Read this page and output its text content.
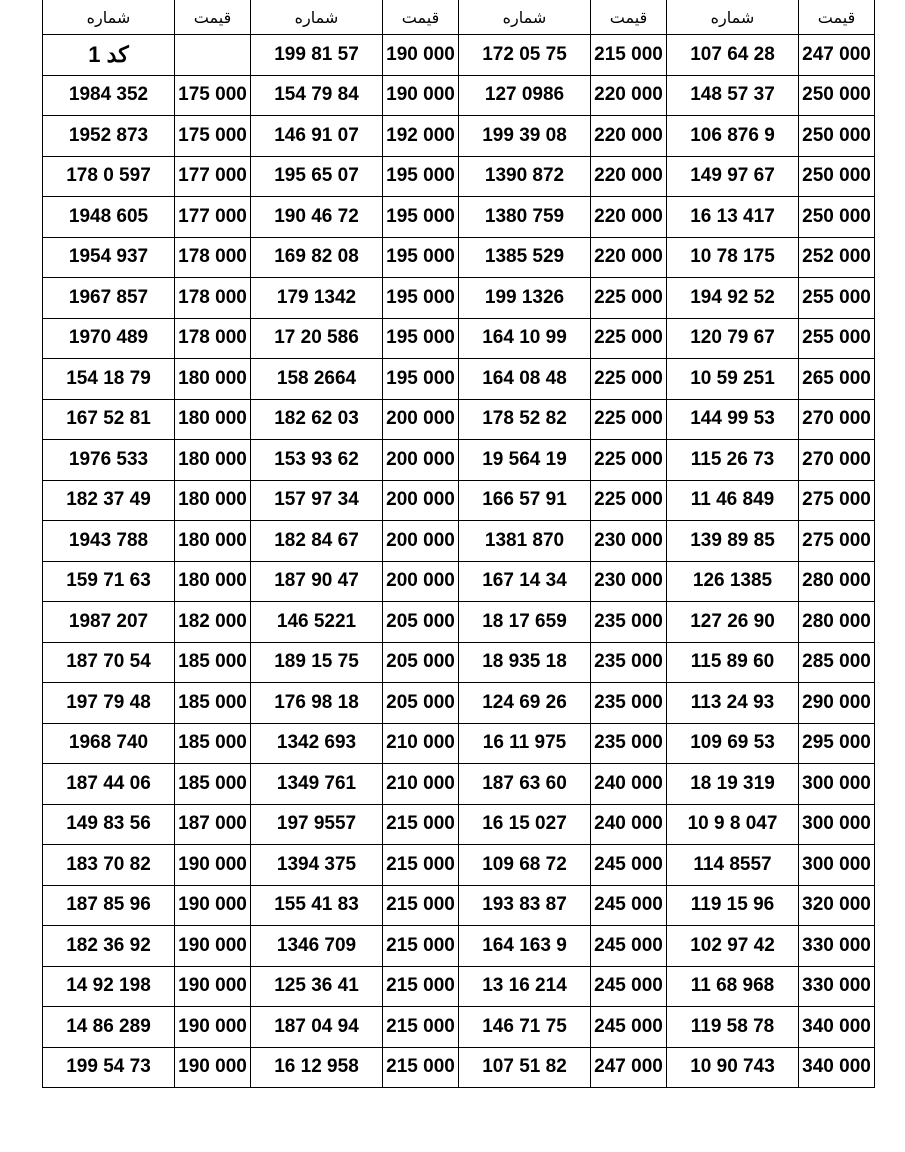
شماره	قیمت	شماره	قیمت	شماره	قیمت	شماره	قیمت
كد 1		199 81 57	190 000	172 05 75	215 000	107 64 28	247 000
1984 352	175 000	154 79 84	190 000	127 0986	220 000	148 57 37	250 000
1952 873	175 000	146 91 07	192 000	199 39 08	220 000	106 876 9	250 000
178 0 597	177 000	195 65 07	195 000	1390 872	220 000	149 97 67	250 000
1948 605	177 000	190 46 72	195 000	1380 759	220 000	16 13 417	250 000
1954 937	178 000	169 82 08	195 000	1385 529	220 000	10 78 175	252 000
1967 857	178 000	179 1342	195 000	199 1326	225 000	194 92 52	255 000
1970 489	178 000	17 20 586	195 000	164 10 99	225 000	120 79 67	255 000
154 18 79	180 000	158 2664	195 000	164 08 48	225 000	10 59 251	265 000
167 52 81	180 000	182 62 03	200 000	178 52 82	225 000	144 99 53	270 000
1976 533	180 000	153 93 62	200 000	19 564 19	225 000	115 26 73	270 000
182 37 49	180 000	157 97 34	200 000	166 57 91	225 000	11 46 849	275 000
1943 788	180 000	182 84 67	200 000	1381 870	230 000	139 89 85	275 000
159 71 63	180 000	187 90 47	200 000	167 14 34	230 000	126 1385	280 000
1987 207	182 000	146 5221	205 000	18 17 659	235 000	127 26 90	280 000
187 70 54	185 000	189 15 75	205 000	18 935 18	235 000	115 89 60	285 000
197 79 48	185 000	176 98 18	205 000	124 69 26	235 000	113 24 93	290 000
1968 740	185 000	1342 693	210 000	16 11 975	235 000	109 69 53	295 000
187 44 06	185 000	1349 761	210 000	187 63 60	240 000	18 19 319	300 000
149 83 56	187 000	197 9557	215 000	16 15 027	240 000	10 9 8 047	300 000
183 70 82	190 000	1394 375	215 000	109 68 72	245 000	114 8557	300 000
187 85 96	190 000	155 41 83	215 000	193 83 87	245 000	119 15 96	320 000
182 36 92	190 000	1346 709	215 000	164 163 9	245 000	102 97 42	330 000
14 92 198	190 000	125 36 41	215 000	13 16 214	245 000	11 68 968	330 000
14 86 289	190 000	187 04 94	215 000	146 71 75	245 000	119 58 78	340 000
199 54 73	190 000	16 12 958	215 000	107 51 82	247 000	10 90 743	340 000
